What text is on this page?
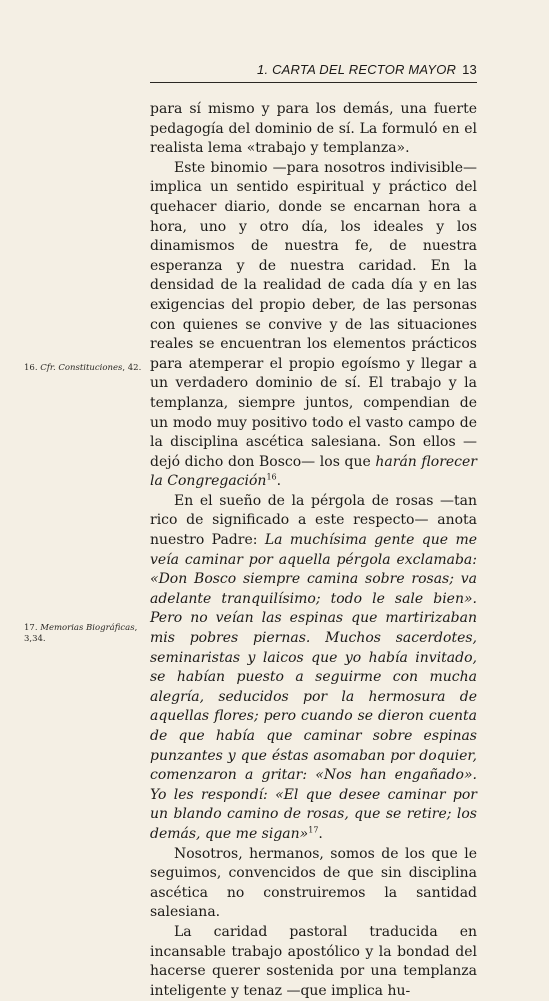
1. CARTA DEL RECTOR MAYOR 13

para sí mismo y para los demás, una fuerte pedagogía del dominio de sí. La formuló en el realista lema «trabajo y templanza».

Este binomio —para nosotros indivisible— implica un sentido espiritual y práctico del quehacer diario, donde se encarnan hora a hora, uno y otro día, los ideales y los dinamismos de nuestra fe, de nuestra esperanza y de nuestra caridad. En la densidad de la realidad de cada día y en las exigencias del propio deber, de las personas con quienes se convive y de las situaciones reales se encuentran los elementos prácticos para atemperar el propio egoísmo y llegar a un verdadero dominio de sí. El trabajo y la templanza, siempre juntos, compendian de un modo muy positivo todo el vasto campo de la disciplina ascética salesiana. Son ellos —dejó dicho don Bosco— los que harán florecer la Congregación$^{16}$.

En el sueño de la pérgola de rosas —tan rico de significado a este respecto— anota nuestro Padre: La muchísima gente que me veía caminar por aquella pérgola exclamaba: «Don Bosco siempre camina sobre rosas; va adelante tranquilísimo; todo le sale bien». Pero no veían las espinas que martirizaban mis pobres piernas. Muchos sacerdotes, seminaristas y laicos que yo había invitado, se habían puesto a seguirme con mucha alegría, seducidos por la hermosura de aquellas flores; pero cuando se dieron cuenta de que había que caminar sobre espinas punzantes y que éstas asomaban por doquier, comenzaron a gritar: «Nos han engañado». Yo les respondí: «El que desee caminar por un blando camino de rosas, que se retire; los demás, que me sigan»$^{17}$.

Nosotros, hermanos, somos de los que le seguimos, convencidos de que sin disciplina ascética no construiremos la santidad salesiana.

La caridad pastoral traducida en incansable trabajo apostólico y la bondad del hacerse querer sostenida por una templanza inteligente y tenaz —que implica hu-

16. Cfr. Constituciones, 42.
17. Memorias Biográficas, 3,34.
